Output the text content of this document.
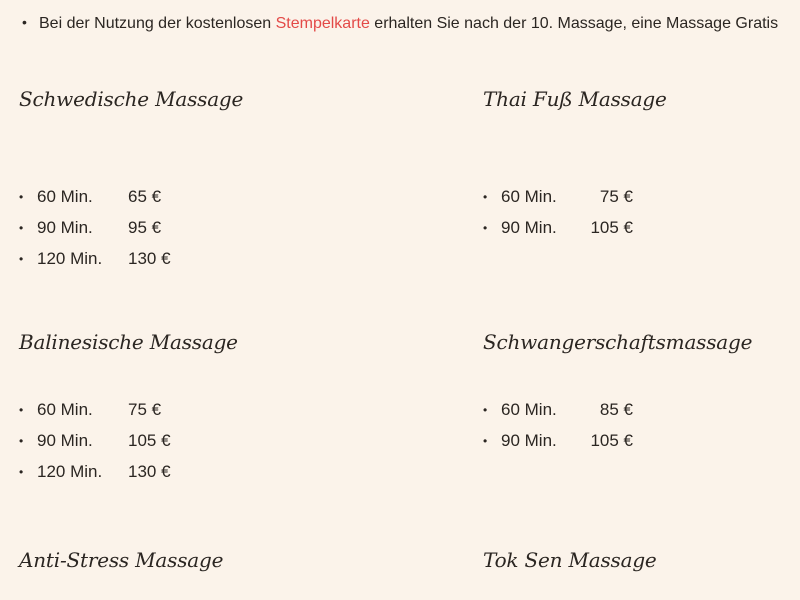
• Bei der Nutzung der kostenlosen Stempelkarte erhalten Sie nach der 10. Massage, eine Massage Gratis
Schwedische Massage
• 60 Min. 65 €
• 90 Min. 95 €
• 120 Min. 130 €
Thai Fuß Massage
• 60 Min.	75 €
• 90 Min. 105 €
Balinesische Massage
• 60 Min. 75 €
• 90 Min. 105 €
• 120 Min. 130 €
Schwangerschaftsmassage
• 60 Min.	85 €
• 90 Min. 105 €
Anti-Stress Massage	Tok Sen Massage
